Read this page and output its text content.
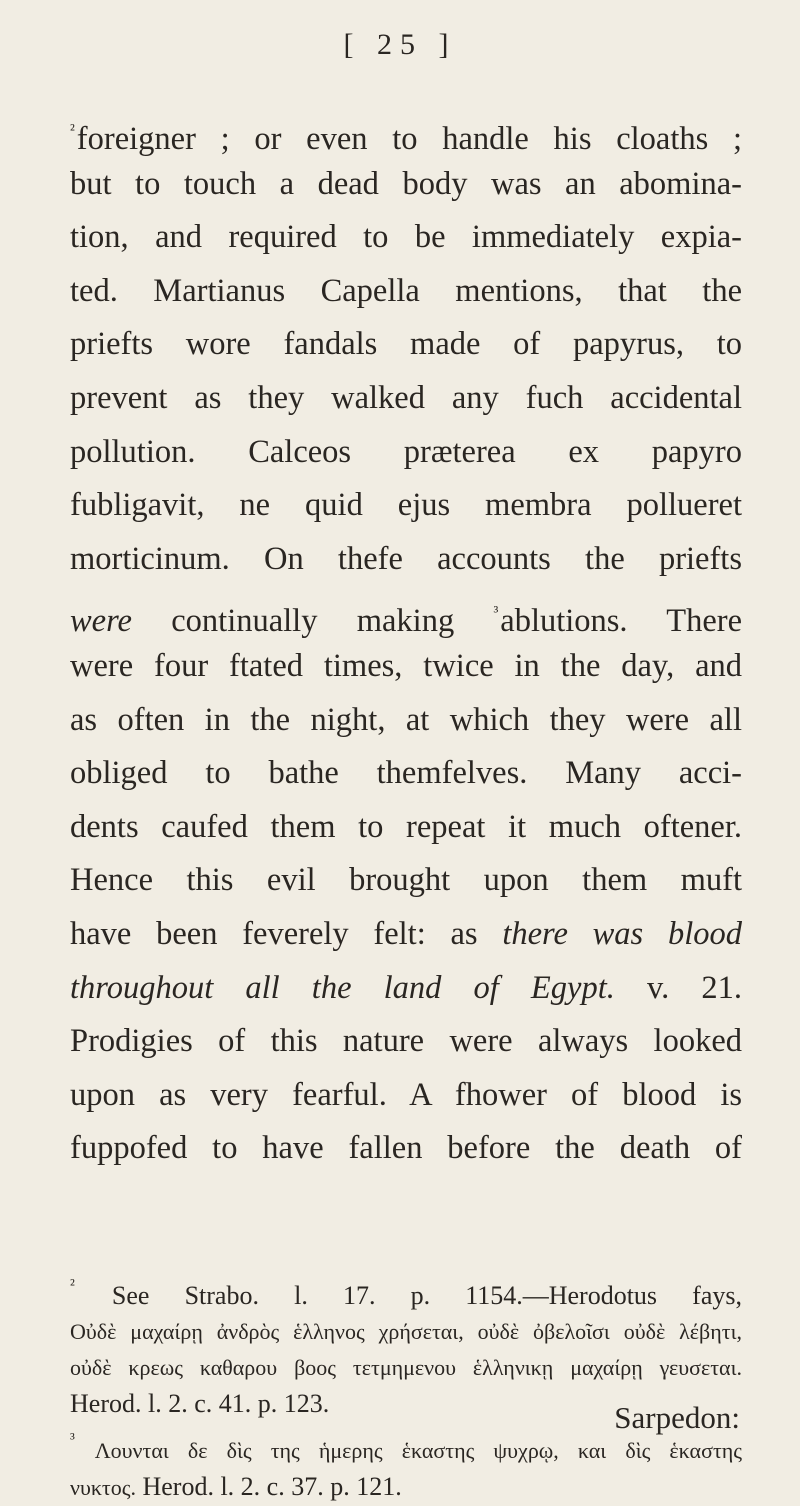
[ 25 ]
$^{^2}$foreigner ; or even to handle his cloaths ;
but to touch a dead body was an abomina-
tion, and required to be immediately expia-
ted. Martianus Capella mentions, that the
priefts wore fandals made of papyrus, to
prevent as they walked any fuch accidental
pollution. Calceos præterea ex papyro
fubligavit, ne quid ejus membra pollueret
morticinum. On thefe accounts the priefts
were continually making $^{^3}$ablutions. There
were four ftated times, twice in the day, and
as often in the night, at which they were all
obliged to bathe themfelves. Many acci-
dents caufed them to repeat it much oftener.
Hence this evil brought upon them muft
have been feverely felt: as there was blood
throughout all the land of Egypt. v. 21.
Prodigies of this nature were always looked
upon as very fearful. A fhower of blood is
fuppofed to have fallen before the death of
$^{^2}$ See Strabo. l. 17. p. 1154.—Herodotus fays,
Οὐδὲ μαχαίρῃ ἀνδρὸς ἑλληνος χρήσεται, οὐδὲ ὀβελοῖσι οὐδὲ λέβητι,
οὐδὲ κρεως καθαρου βοος τετμημενου ἑλληνικῃ μαχαίρῃ γευσεται.
Herod. l. 2. c. 41. p. 123.
$^{^3}$ Λουνται δε δὶς της ἡμερης ἑκαστης ψυχρῳ, και δὶς ἑκαστης
νυκτος. Herod. l. 2. c. 37. p. 121.
Sarpedon:
